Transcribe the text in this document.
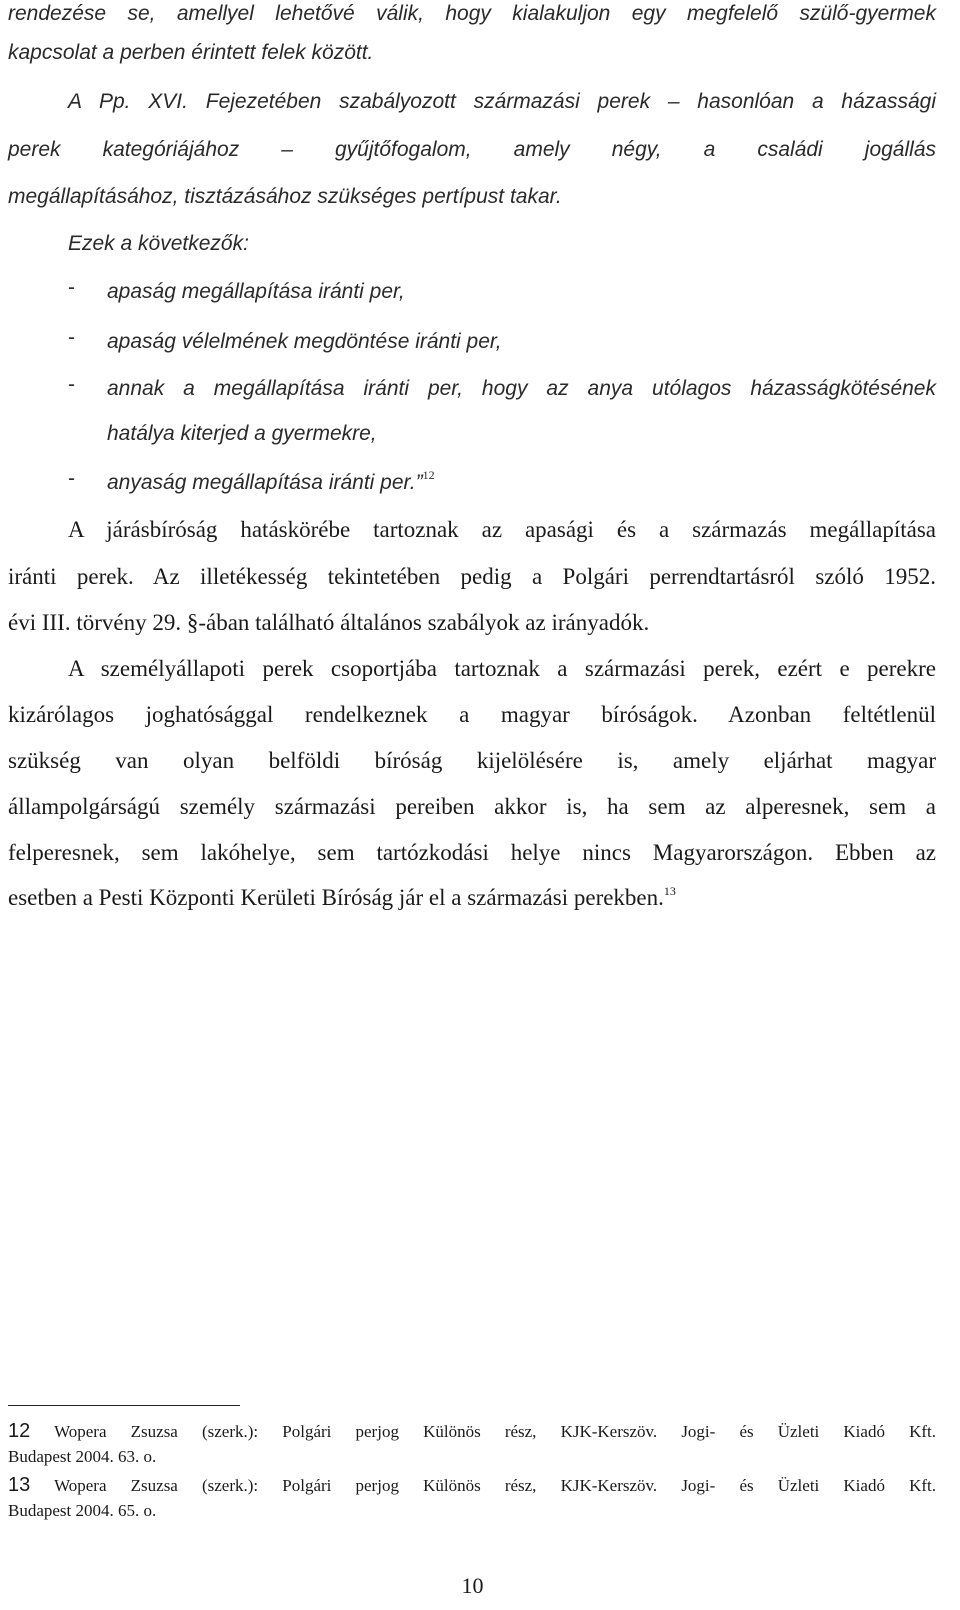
rendezése se, amellyel lehetővé válik, hogy kialakuljon egy megfelelő szülő-gyermek
kapcsolat a perben érintett felek között.
A Pp. XVI. Fejezetében szabályozott származási perek – hasonlóan a házassági
perek kategóriájához – gyűjtőfogalom, amely négy, a családi jogállás
megállapításához, tisztázásához szükséges pertípust takar.
Ezek a következők:
- apaság megállapítása iránti per,
- apaság vélelmének megdöntése iránti per,
- annak a megállapítása iránti per, hogy az anya utólagos házasságkötésének
hatálya kiterjed a gyermekre,
- anyaság megállapítása iránti per.”$^{12}$
A járásbíróság hatáskörébe tartoznak az apasági és a származás megállapítása
iránti perek. Az illetékesség tekintetében pedig a Polgári perrendtartásról szóló 1952.
évi III. törvény 29. §-ában található általános szabályok az irányadók.
A személyállapoti perek csoportjába tartoznak a származási perek, ezért e perekre
kizárólagos joghatósággal rendelkeznek a magyar bíróságok. Azonban feltétlenül
szükség van olyan belföldi bíróság kijelölésére is, amely eljárhat magyar
állampolgárságú személy származási pereiben akkor is, ha sem az alperesnek, sem a
felperesnek, sem lakóhelye, sem tartózkodási helye nincs Magyarországon. Ebben az
esetben a Pesti Központi Kerületi Bíróság jár el a származási perekben.$^{13}$
12 Wopera Zsuzsa (szerk.): Polgári perjog Különös rész, KJK-Kerszöv. Jogi- és Üzleti Kiadó Kft.
Budapest 2004. 63. o.
13 Wopera Zsuzsa (szerk.): Polgári perjog Különös rész, KJK-Kerszöv. Jogi- és Üzleti Kiadó Kft.
Budapest 2004. 65. o.
10
